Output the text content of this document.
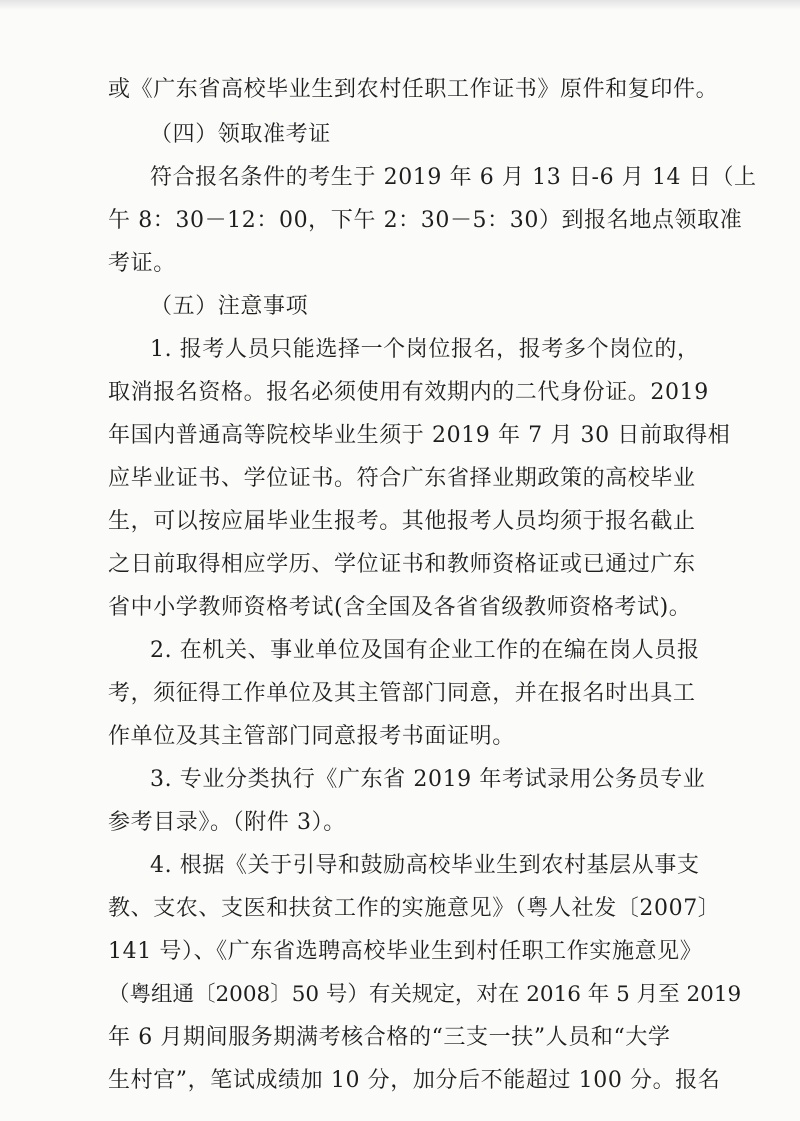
或《广东省高校毕业生到农村任职工作证书》原件和复印件。
（四）领取准考证
符合报名条件的考生于 2019 年 6 月 13 日-6 月 14 日（上
午 8：30－12：00，下午 2：30－5：30）到报名地点领取准
考证。
（五）注意事项
1. 报考人员只能选择一个岗位报名，报考多个岗位的，
取消报名资格。报名必须使用有效期内的二代身份证。2019
年国内普通高等院校毕业生须于 2019 年 7 月 30 日前取得相
应毕业证书、学位证书。符合广东省择业期政策的高校毕业
生，可以按应届毕业生报考。其他报考人员均须于报名截止
之日前取得相应学历、学位证书和教师资格证或已通过广东
省中小学教师资格考试(含全国及各省省级教师资格考试)。
2. 在机关、事业单位及国有企业工作的在编在岗人员报
考，须征得工作单位及其主管部门同意，并在报名时出具工
作单位及其主管部门同意报考书面证明。
3. 专业分类执行《广东省 2019 年考试录用公务员专业
参考目录》。（附件 3）。
4. 根据《关于引导和鼓励高校毕业生到农村基层从事支
教、支农、支医和扶贫工作的实施意见》（粤人社发〔2007〕
141 号）、《广东省选聘高校毕业生到村任职工作实施意见》
（粤组通〔2008〕50 号）有关规定，对在 2016 年 5 月至 2019
年 6 月期间服务期满考核合格的“三支一扶”人员和“大学
生村官”，笔试成绩加 10 分，加分后不能超过 100 分。报名
